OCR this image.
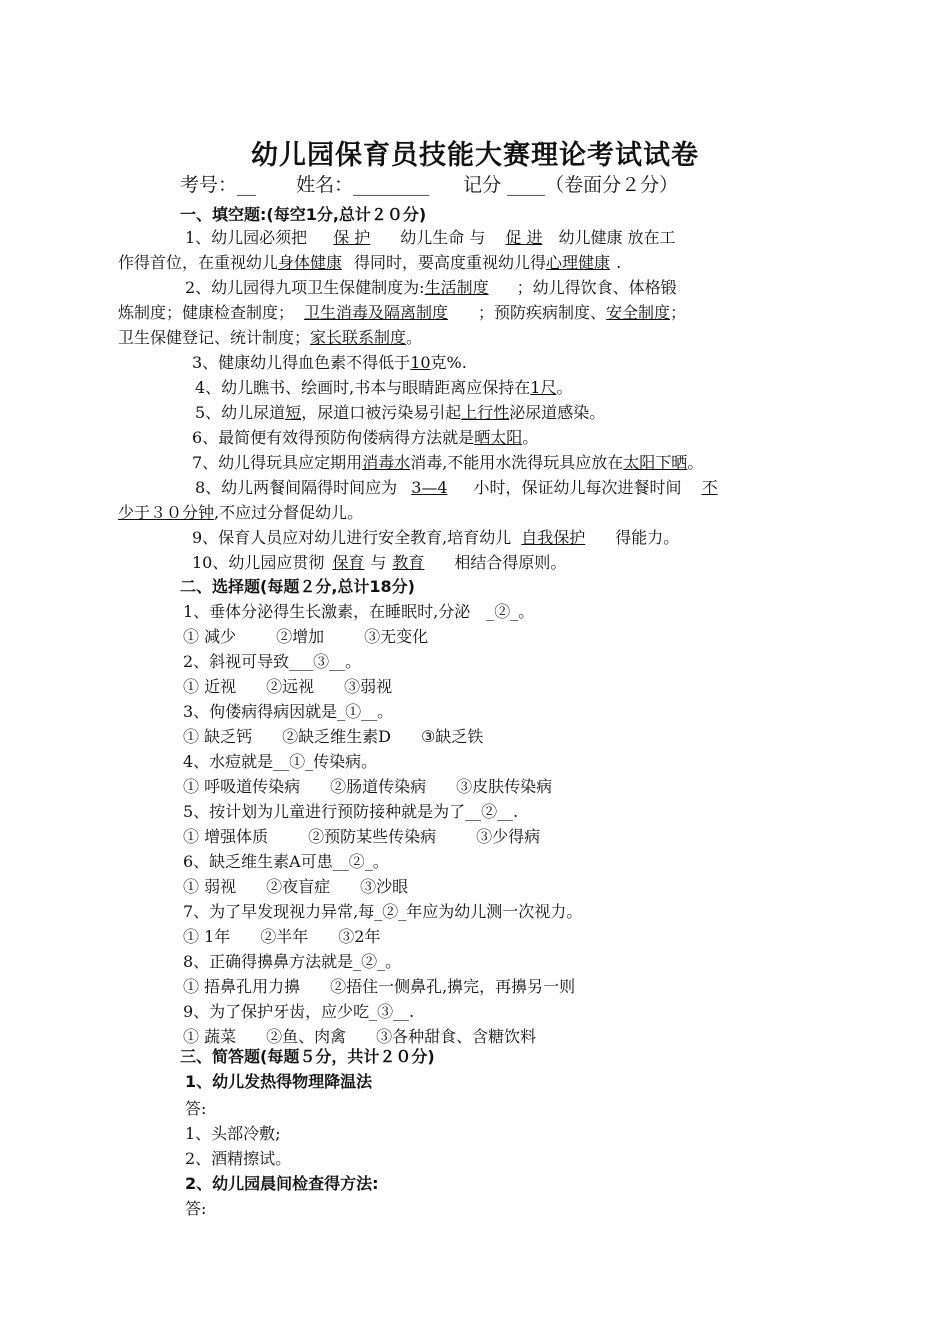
幼儿园保育员技能大赛理论考试试卷
考号：__ 姓名：________ 记分 ____（卷面分２分）
一、填空题:(每空1分,总计２０分)
1、幼儿园必须把 保 护 幼儿生命 与 促 进 幼儿健康 放在工
作得首位，在重视幼儿身体健康 得同时，要高度重视幼儿得心理健康 .
2、幼儿园得九项卫生保健制度为:生活制度 ；幼儿得饮食、体格锻
炼制度；健康检查制度； 卫生消毒及隔离制度 ；预防疾病制度、安全制度；
卫生保健登记、统计制度；家长联系制度。
3、健康幼儿得血色素不得低于10克%.
4、幼儿瞧书、绘画时,书本与眼睛距离应保持在1尺。
5、幼儿尿道短，尿道口被污染易引起上行性泌尿道感染。
6、最简便有效得预防佝偻病得方法就是晒太阳。
7、幼儿得玩具应定期用消毒水消毒,不能用水洗得玩具应放在太阳下晒。
8、幼儿两餐间隔得时间应为 3—4 小时，保证幼儿每次进餐时间 不
少于３０分钟,不应过分督促幼儿。
9、保育人员应对幼儿进行安全教育,培育幼儿 自我保护 得能力。
10、幼儿园应贯彻 保育 与 教育 相结合得原则。
二、选择题(每题２分,总计18分)
1、垂体分泌得生长激素，在睡眠时,分泌　_②_。
① 减少	②增加	③无变化
2、斜视可导致___③__。
① 近视 ②远视 ③弱视
3、佝偻病得病因就是_①__。
① 缺乏钙 ②缺乏维生素D ③缺乏铁
4、水痘就是__①_传染病。
① 呼吸道传染病 ②肠道传染病 ③皮肤传染病
5、按计划为儿童进行预防接种就是为了__②__.
① 增强体质	②预防某些传染病	③少得病
6、缺乏维生素A可患__②_。
① 弱视 ②夜盲症 ③沙眼
7、为了早发现视力异常,每_②_年应为幼儿测一次视力。
① 1年 ②半年 ③2年
8、正确得擤鼻方法就是_②_。
① 捂鼻孔用力擤 ②捂住一侧鼻孔,擤完，再擤另一则
9、为了保护牙齿，应少吃_③__.
① 蔬菜 ②鱼、肉禽 ③各种甜食、含糖饮料
三、简答题(每题５分，共计２０分)
1、幼儿发热得物理降温法
答:
1、头部冷敷;
2、酒精擦试。
2、幼儿园晨间检查得方法:
答:
